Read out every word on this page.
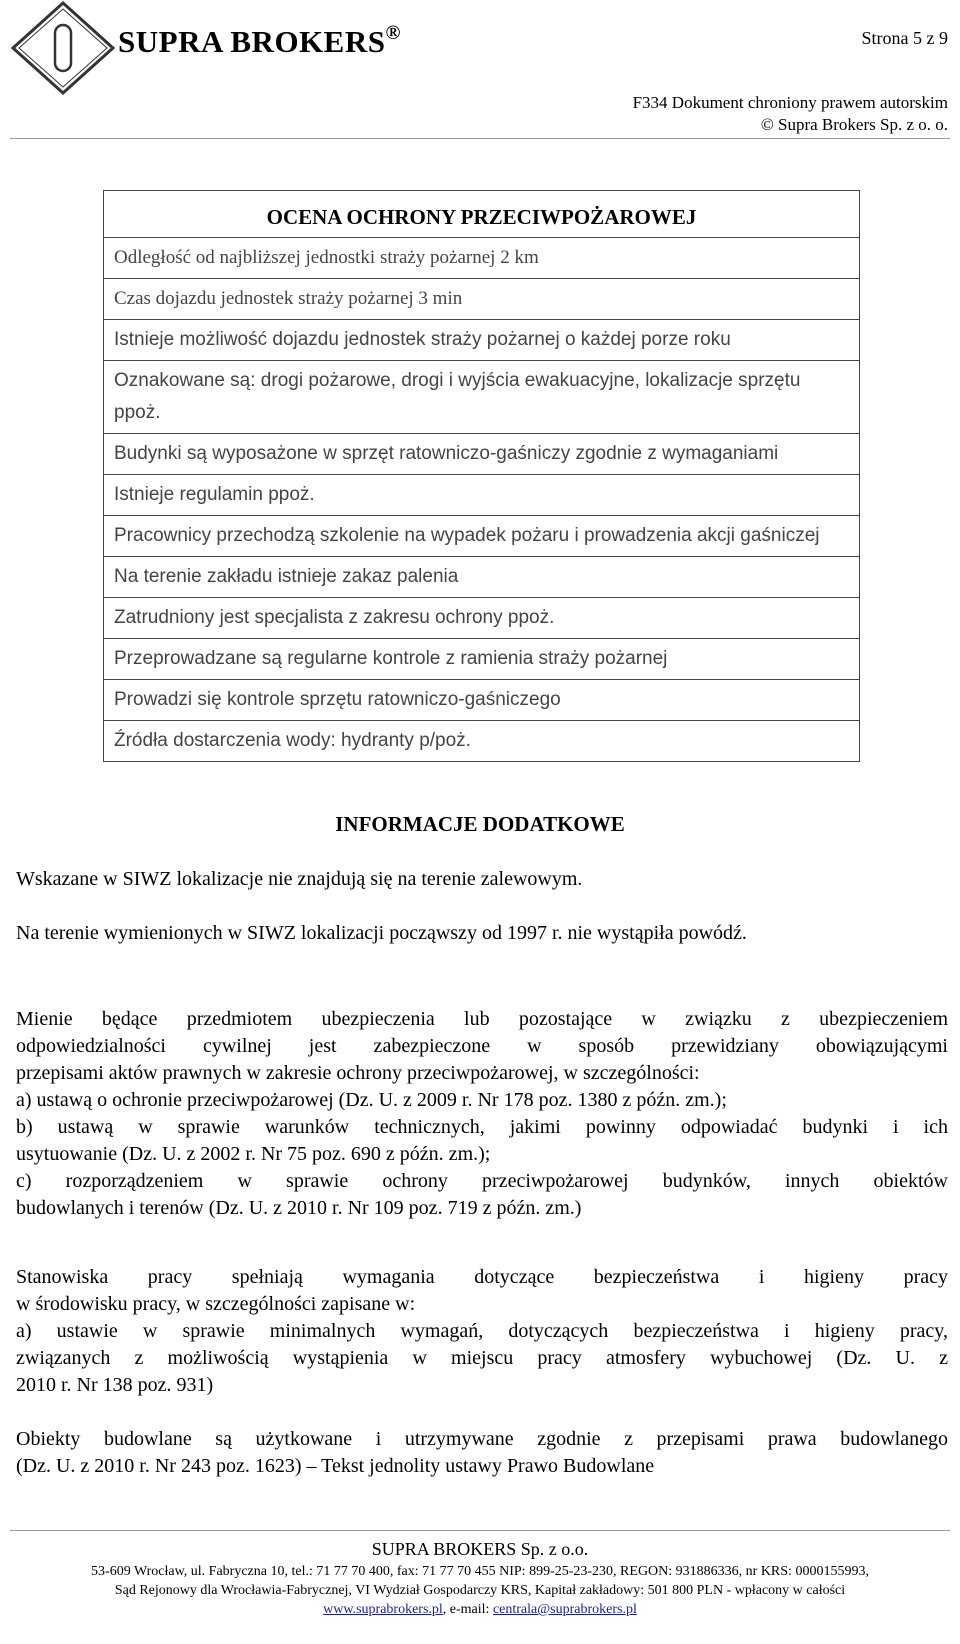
SUPRA BROKERS®	Strona 5 z 9
F334 Dokument chroniony prawem autorskim
© Supra Brokers Sp. z o. o.
OCENA OCHRONY PRZECIWPOŻAROWEJ
Odległość od najbliższej jednostki straży pożarnej 2 km
Czas dojazdu jednostek straży pożarnej 3 min
Istnieje możliwość dojazdu jednostek straży pożarnej o każdej porze roku
Oznakowane są: drogi pożarowe, drogi i wyjścia ewakuacyjne, lokalizacje sprzętu ppoż.
Budynki są wyposażone w sprzęt ratowniczo-gaśniczy zgodnie z wymaganiami
Istnieje regulamin ppoż.
Pracownicy przechodzą szkolenie na wypadek pożaru i prowadzenia akcji gaśniczej
Na terenie zakładu istnieje zakaz palenia
Zatrudniony jest specjalista z zakresu ochrony ppoż.
Przeprowadzane są regularne kontrole z ramienia straży pożarnej
Prowadzi się kontrole sprzętu ratowniczo-gaśniczego
Źródła dostarczenia wody: hydranty p/poż.
INFORMACJE DODATKOWE
Wskazane w SIWZ lokalizacje nie znajdują się na terenie zalewowym.
Na terenie wymienionych w SIWZ lokalizacji począwszy od 1997 r. nie wystąpiła powódź.
Mienie będące przedmiotem ubezpieczenia lub pozostające w związku z ubezpieczeniem
odpowiedzialności cywilnej jest zabezpieczone w sposób przewidziany obowiązującymi
przepisami aktów prawnych w zakresie ochrony przeciwpożarowej, w szczególności:
a) ustawą o ochronie przeciwpożarowej (Dz. U. z 2009 r. Nr 178 poz. 1380 z późn. zm.);
b) ustawą w sprawie warunków technicznych, jakimi powinny odpowiadać budynki i ich
usytuowanie (Dz. U. z 2002 r. Nr 75 poz. 690 z późn. zm.);
c) rozporządzeniem w sprawie ochrony przeciwpożarowej budynków, innych obiektów
budowlanych i terenów (Dz. U. z 2010 r. Nr 109 poz. 719 z późn. zm.)
Stanowiska pracy spełniają wymagania dotyczące bezpieczeństwa i higieny pracy
w środowisku pracy, w szczególności zapisane w:
a) ustawie w sprawie minimalnych wymagań, dotyczących bezpieczeństwa i higieny pracy,
związanych z możliwością wystąpienia w miejscu pracy atmosfery wybuchowej (Dz. U. z
2010 r. Nr 138 poz. 931)
Obiekty budowlane są użytkowane i utrzymywane zgodnie z przepisami prawa budowlanego
(Dz. U. z 2010 r. Nr 243 poz. 1623) – Tekst jednolity ustawy Prawo Budowlane
SUPRA BROKERS Sp. z o.o.
53-609 Wrocław, ul. Fabryczna 10, tel.: 71 77 70 400, fax: 71 77 70 455 NIP: 899-25-23-230, REGON: 931886336, nr KRS: 0000155993,
Sąd Rejonowy dla Wrocławia-Fabrycznej, VI Wydział Gospodarczy KRS, Kapitał zakładowy: 501 800 PLN - wpłacony w całości
www.suprabrokers.pl, e-mail: centrala@suprabrokers.pl
